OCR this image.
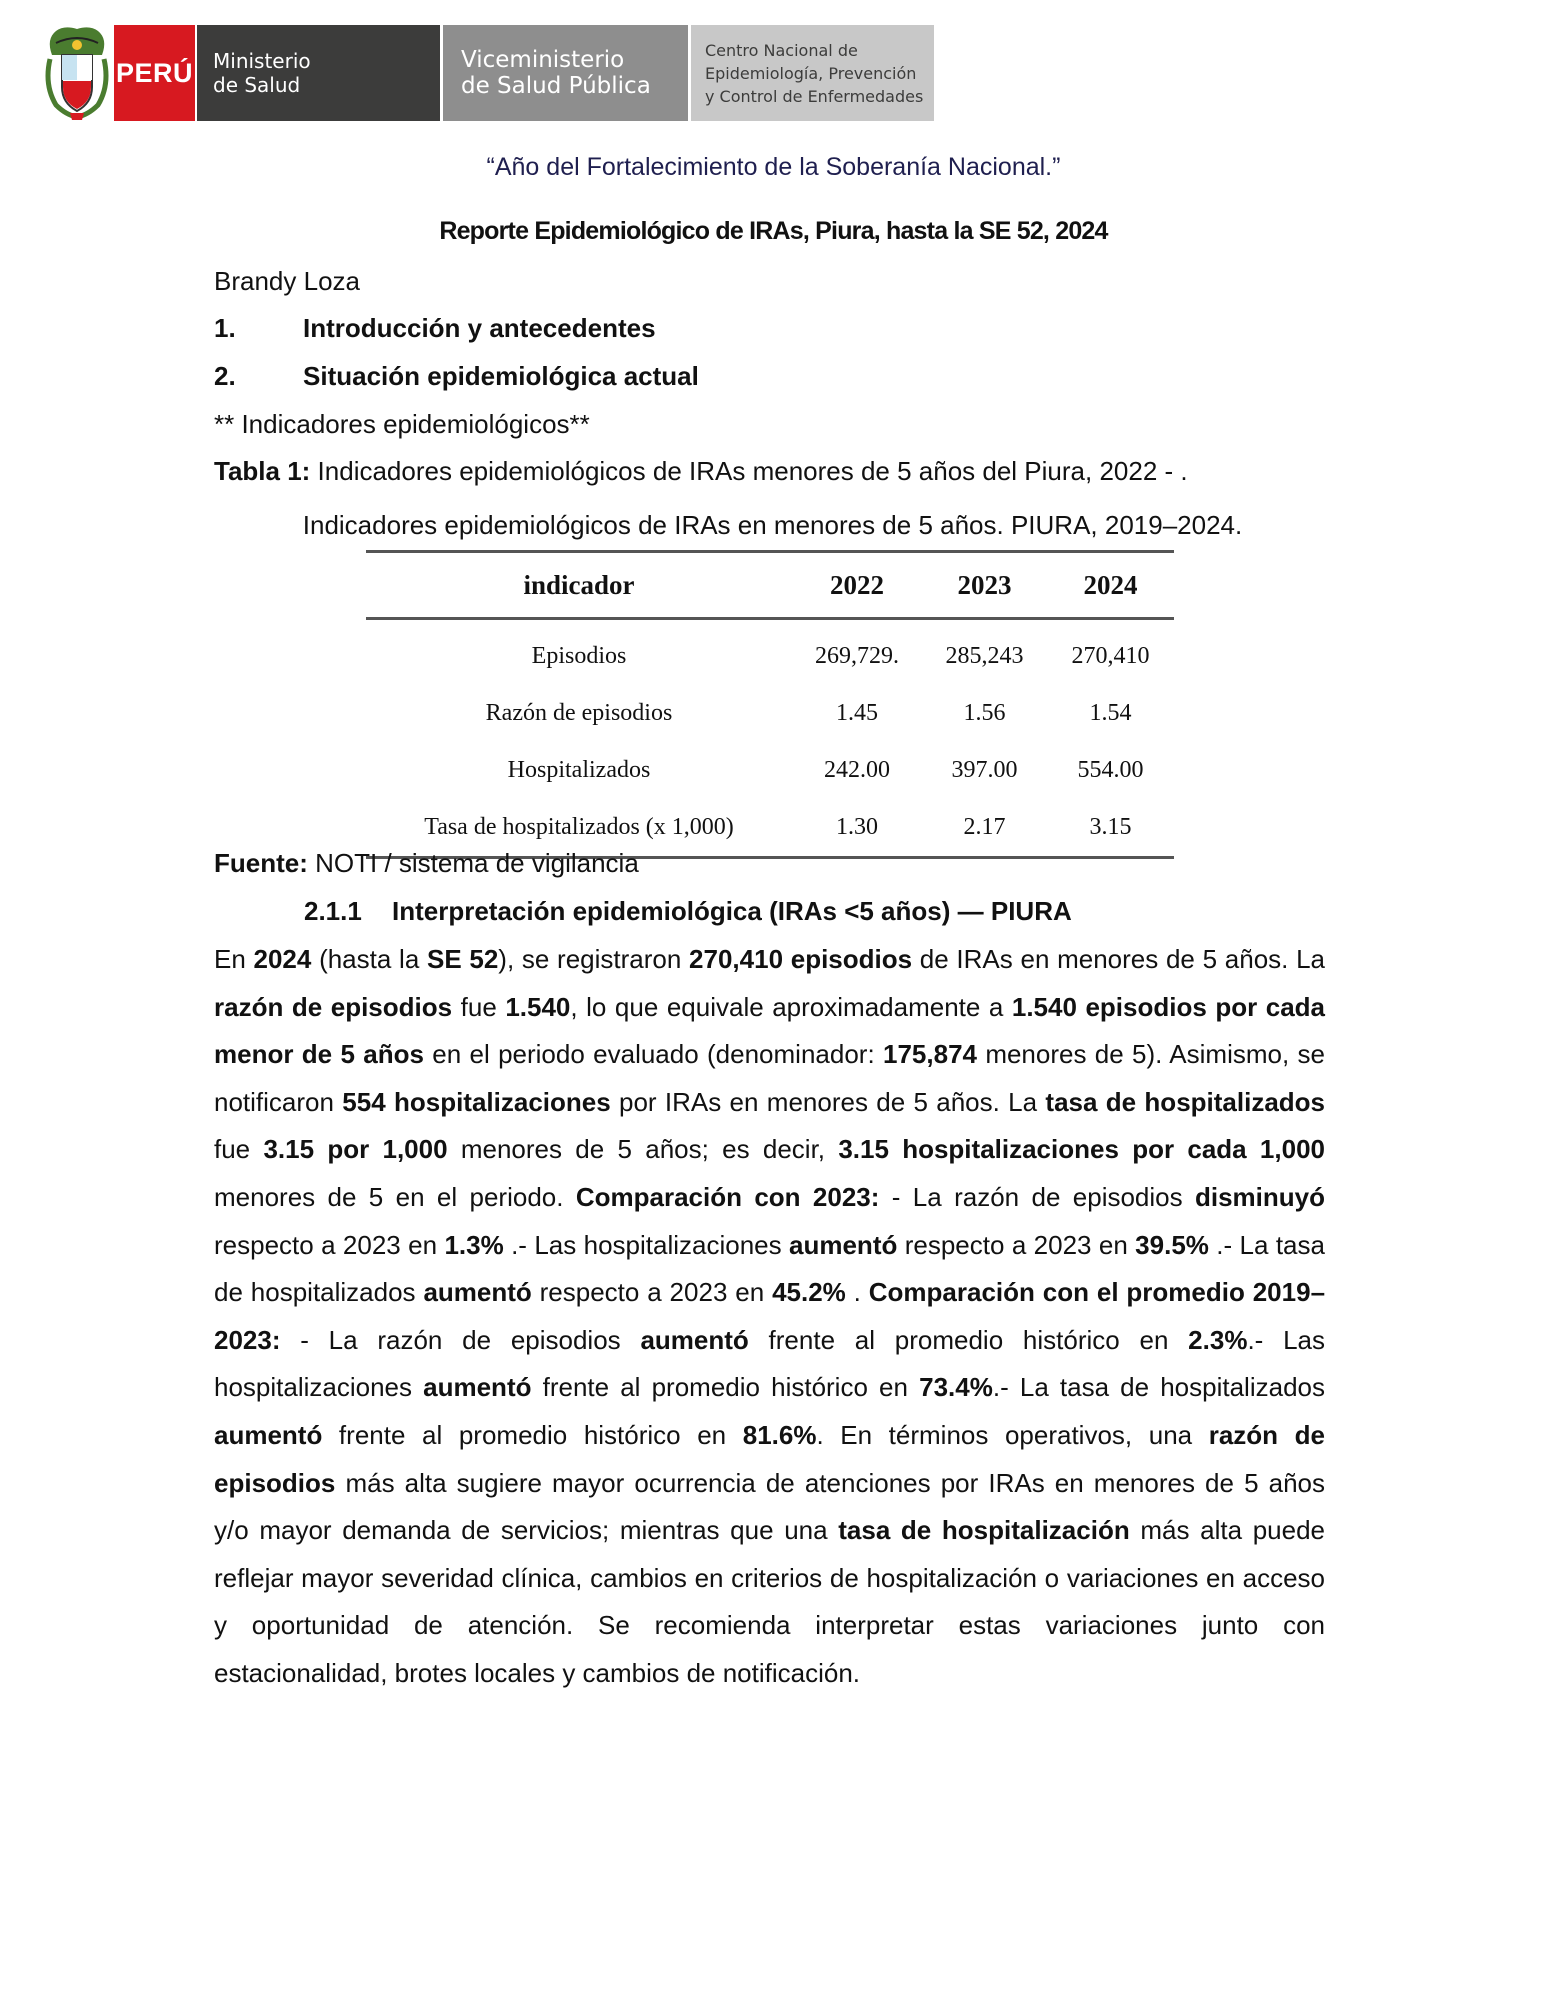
PERÚ Ministerio
de Salud
Viceministerio
de Salud Pública
Centro Nacional de
Epidemiología, Prevención
y Control de Enfermedades
“Año del Fortalecimiento de la Soberanía Nacional.”
Reporte Epidemiológico de IRAs, Piura, hasta la SE 52, 2024
Brandy Loza
1.	Introducción y antecedentes
2.	Situación epidemiológica actual
** Indicadores epidemiológicos**
Tabla 1: Indicadores epidemiológicos de IRAs menores de 5 años del Piura, 2022 - .
Indicadores epidemiológicos de IRAs en menores de 5 años. PIURA, 2019–2024.
indicador	2022	2023	2024
Episodios	269,729.	285,243	270,410
Razón de episodios	1.45	1.56	1.54
Hospitalizados	242.00	397.00	554.00
Tasa de hospitalizados (x 1,000)	1.30	2.17	3.15
Fuente: NOTI / sistema de vigilancia
2.1.1 Interpretación epidemiológica (IRAs <5 años) — PIURA
En 2024 (hasta la SE 52), se registraron 270,410 episodios de IRAs en menores de 5 años. La razón de episodios fue 1.540, lo que equivale aproximadamente a 1.540 episodios por cada menor de 5 años en el periodo evaluado (denominador: 175,874 menores de 5). Asimismo, se notificaron 554 hospitalizaciones por IRAs en menores de 5 años. La tasa de hospitalizados fue 3.15 por 1,000 menores de 5 años; es decir, 3.15 hospitalizaciones por cada 1,000 menores de 5 en el periodo. Comparación con 2023: - La razón de episodios disminuyó respecto a 2023 en 1.3% .- Las hospitalizaciones aumentó respecto a 2023 en 39.5% .- La tasa de hospitalizados aumentó respecto a 2023 en 45.2% . Comparación con el promedio 2019–2023: - La razón de episodios aumentó frente al promedio histórico en 2.3%.- Las hospitalizaciones aumentó frente al promedio histórico en 73.4%.- La tasa de hospitalizados aumentó frente al promedio histórico en 81.6%. En términos operativos, una razón de episodios más alta sugiere mayor ocurrencia de atenciones por IRAs en menores de 5 años y/o mayor demanda de servicios; mientras que una tasa de hospitalización más alta puede reflejar mayor severidad clínica, cambios en criterios de hospitalización o variaciones en acceso y oportunidad de atención. Se recomienda interpretar estas variaciones junto con estacionalidad, brotes locales y cambios de notificación.
